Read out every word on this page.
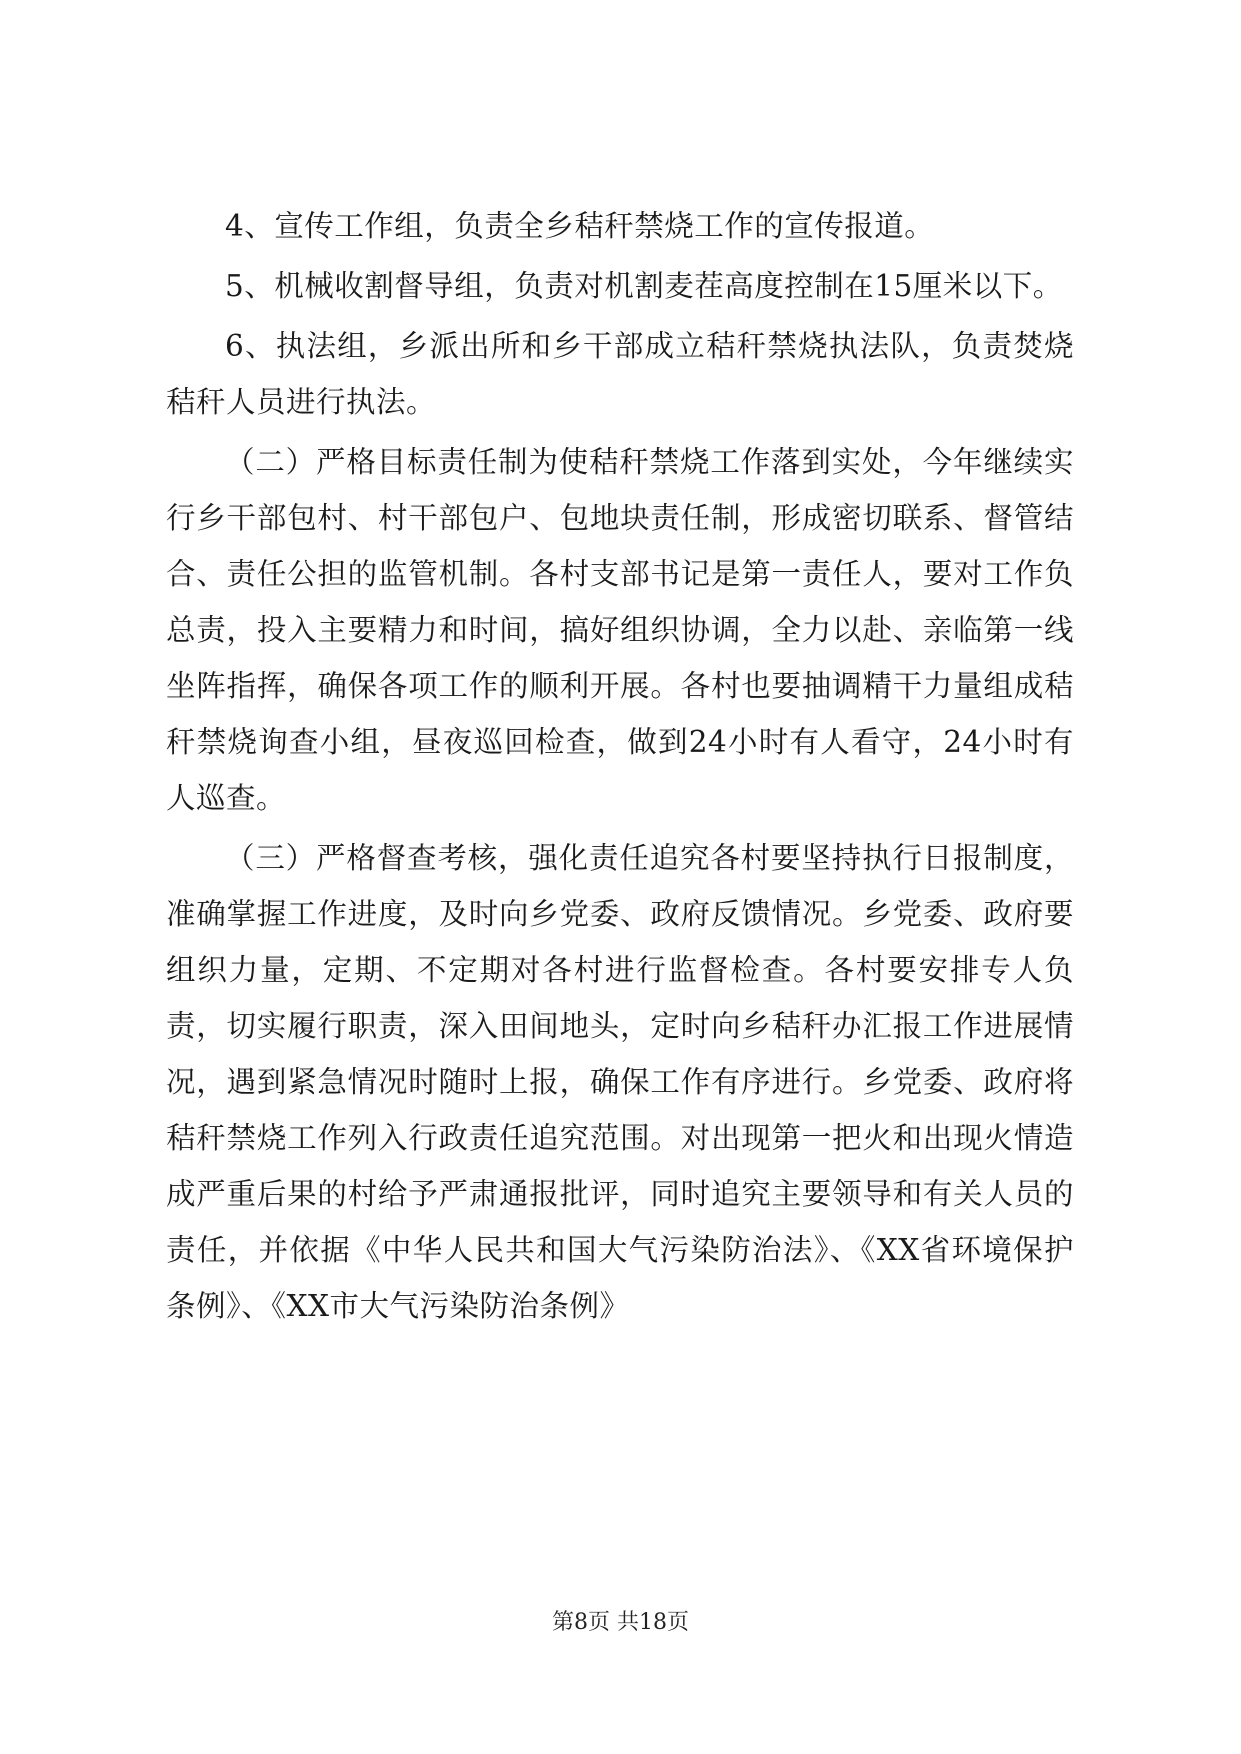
4、宣传工作组，负责全乡秸秆禁烧工作的宣传报道。

5、机械收割督导组，负责对机割麦茬高度控制在15厘米以下。

6、执法组，乡派出所和乡干部成立秸秆禁烧执法队，负责焚烧秸秆人员进行执法。

（二）严格目标责任制为使秸秆禁烧工作落到实处，今年继续实行乡干部包村、村干部包户、包地块责任制，形成密切联系、督管结合、责任公担的监管机制。各村支部书记是第一责任人，要对工作负总责，投入主要精力和时间，搞好组织协调，全力以赴、亲临第一线坐阵指挥，确保各项工作的顺利开展。各村也要抽调精干力量组成秸秆禁烧询查小组，昼夜巡回检查，做到24小时有人看守，24小时有人巡查。

（三）严格督查考核，强化责任追究各村要坚持执行日报制度，准确掌握工作进度，及时向乡党委、政府反馈情况。乡党委、政府要组织力量，定期、不定期对各村进行监督检查。各村要安排专人负责，切实履行职责，深入田间地头，定时向乡秸秆办汇报工作进展情况，遇到紧急情况时随时上报，确保工作有序进行。乡党委、政府将秸秆禁烧工作列入行政责任追究范围。对出现第一把火和出现火情造成严重后果的村给予严肃通报批评，同时追究主要领导和有关人员的责任，并依据《中华人民共和国大气污染防治法》、《XX省环境保护条例》、《XX市大气污染防治条例》

第8页 共18页
